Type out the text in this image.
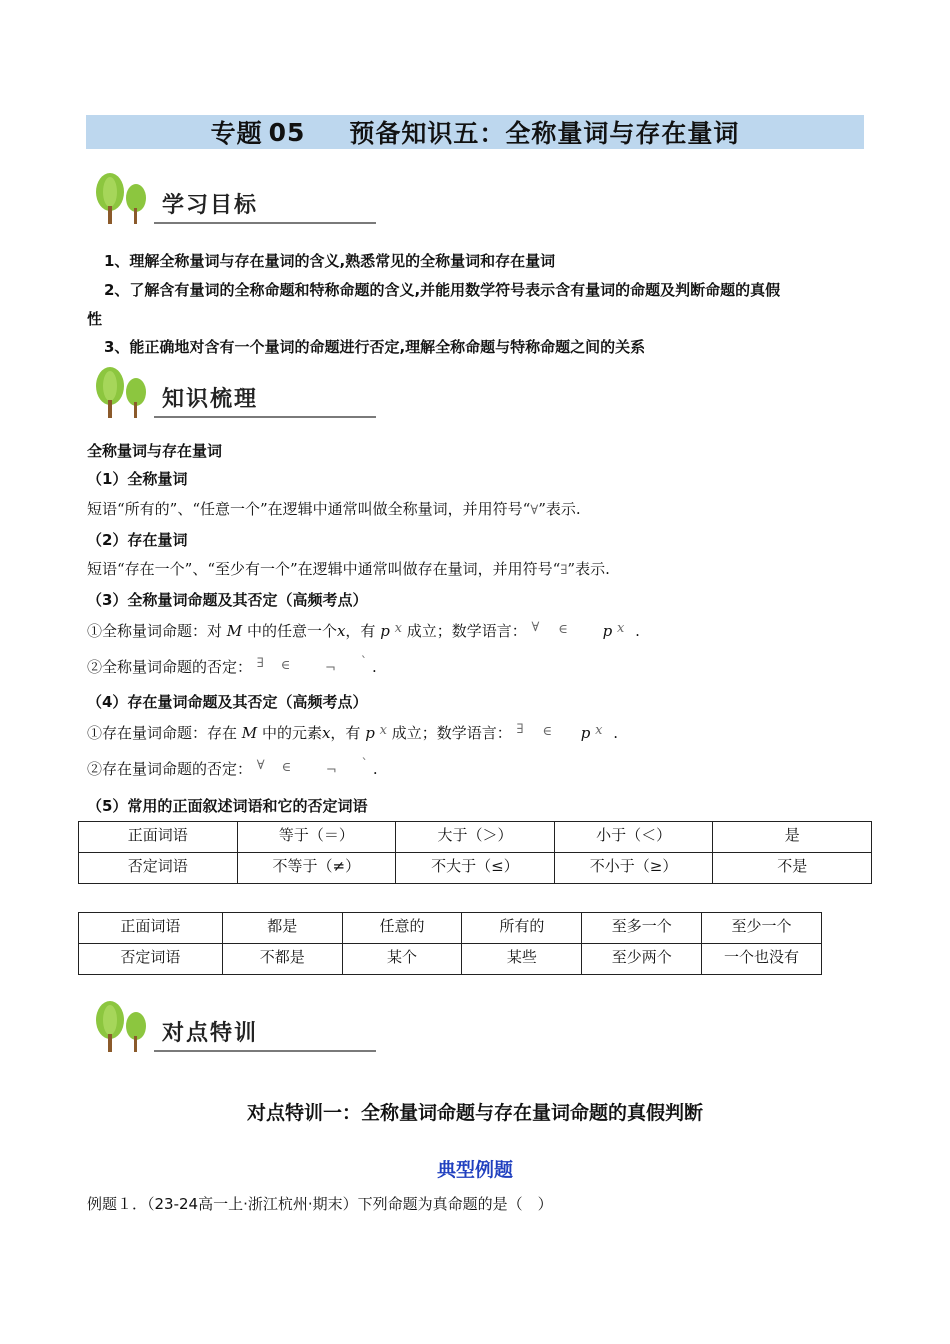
专题 05 预备知识五：全称量词与存在量词
学习目标
1、理解全称量词与存在量词的含义,熟悉常见的全称量词和存在量词
2、了解含有量词的全称命题和特称命题的含义,并能用数学符号表示含有量词的命题及判断命题的真假
性
3、能正确地对含有一个量词的命题进行否定,理解全称命题与特称命题之间的关系
知识梳理
全称量词与存在量词
（1）全称量词
短语“所有的”、“任意一个”在逻辑中通常叫做全称量词，并用符号“∀”表示.
（2）存在量词
短语“存在一个”、“至少有一个”在逻辑中通常叫做存在量词，并用符号“∃”表示.
（3）全称量词命题及其否定（高频考点）
①全称量词命题：对 M 中的任意一个x，有 p x 成立；数学语言： ∀ ∈ p x .
②全称量词命题的否定： ∃ ∈	¬ ` .
（4）存在量词命题及其否定（高频考点）
①存在量词命题：存在 M 中的元素x，有 p x 成立；数学语言： ∃ ∈ p x .
②存在量词命题的否定： ∀ ∈	¬ ` .
（5）常用的正面叙述词语和它的否定词语
正面词语	等于（＝）	大于（＞）	小于（＜）	是
否定词语	不等于（≠）	不大于（≤）	不小于（≥）	不是
正面词语	都是	任意的	所有的	至多一个	至少一个
否定词语	不都是	某个	某些	至少两个	一个也没有
对点特训
对点特训一：全称量词命题与存在量词命题的真假判断
典型例题
例题１．（23-24高一上·浙江杭州·期末）下列命题为真命题的是（　）
